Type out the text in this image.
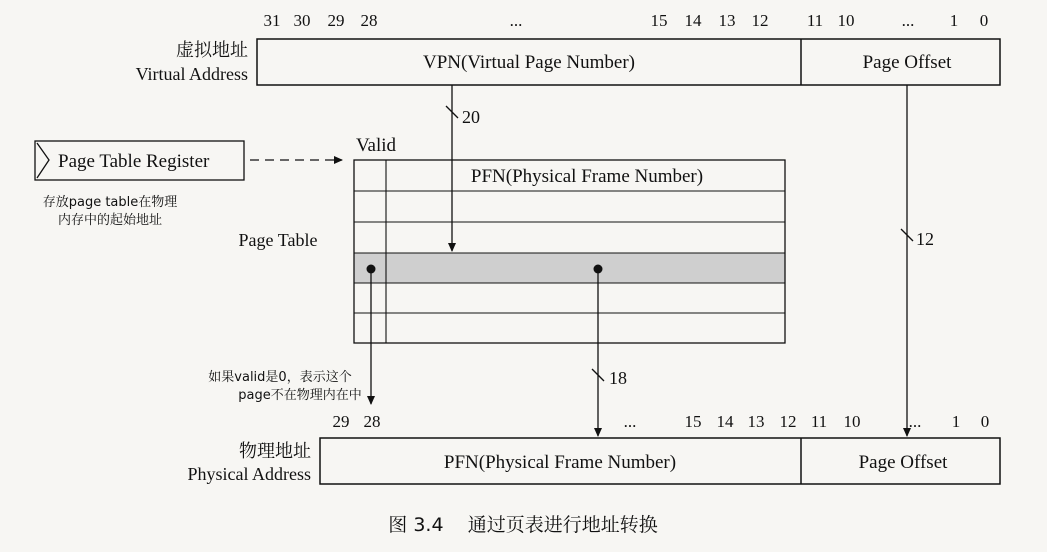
31 30 29 28	...	15 14 13 12 11 10	... 1 0
虚拟地址
Virtual Address
VPN(Virtual Page Number)	Page Offset
Page Table Register
存放page table在物理
内存中的起始地址
Valid
Page Table
PFN(Physical Frame Number)
20
12
如果valid是0，表示这个
page不在物理内在中
18
29 28	...	15 14 13 12 11 10	... 1 0
物理地址
Physical Address
PFN(Physical Frame Number)	Page Offset
图 3.4    通过页表进行地址转换
